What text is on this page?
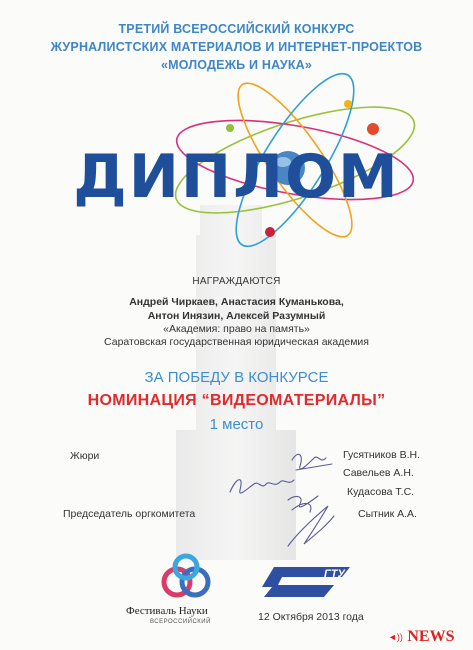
ТРЕТИЙ ВСЕРОССИЙСКИЙ КОНКУРС
ЖУРНАЛИСТСКИХ МАТЕРИАЛОВ И ИНТЕРНЕТ-ПРОЕКТОВ
«МОЛОДЕЖЬ И НАУКА»
ДИПЛОМ
НАГРАЖДАЮТСЯ
Андрей Чиркаев, Анастасия Куманькова,
Антон Инязин, Алексей Разумный
«Академия: право на память»
Саратовская государственная юридическая академия
ЗА ПОБЕДУ В КОНКУРСЕ
НОМИНАЦИЯ “ВИДЕОМАТЕРИАЛЫ”
1 место
Жюри	Гусятников В.Н.
Савельев А.Н.
Кудасова Т.С.
Председатель оргкомитета	Сытник А.А.
Фестиваль Науки
ВСЕРОССИЙСКИЙ
ГТУ
12 Октября 2013 года
◄)) NEWS
